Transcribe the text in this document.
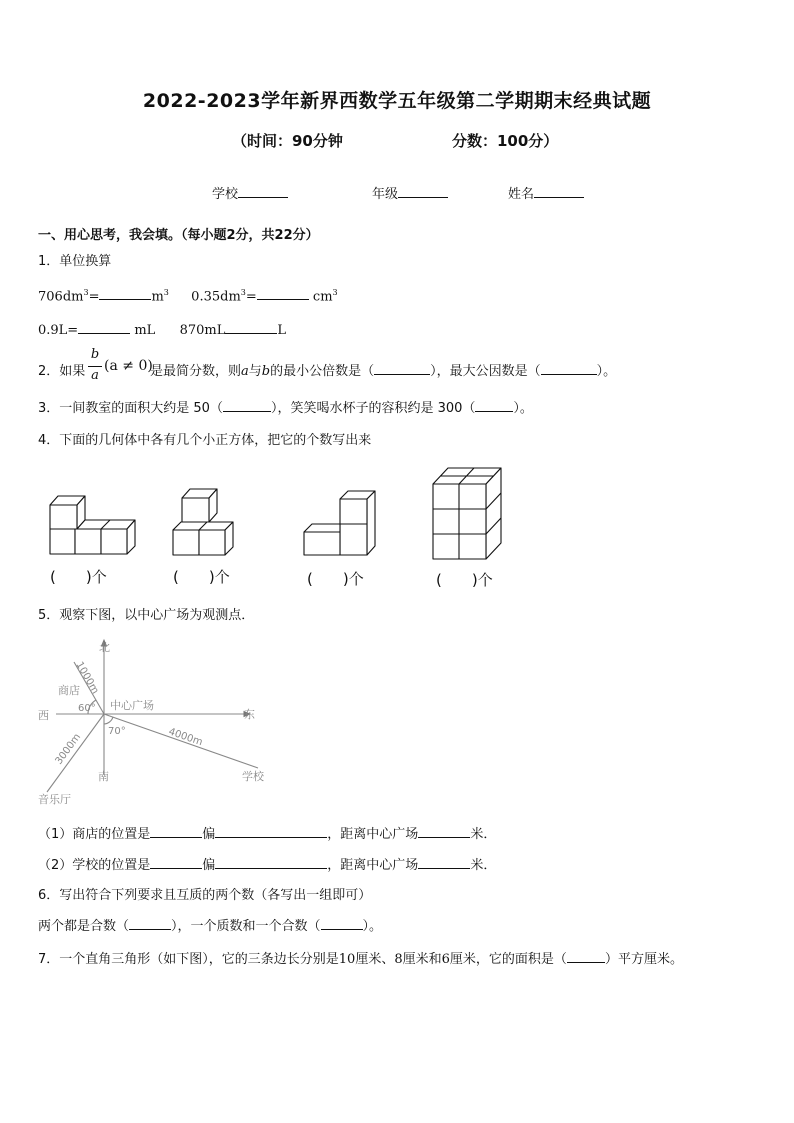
2022-2023学年新界西数学五年级第二学期期末经典试题
（时间：90分钟	分数：100分）
学校	年级	姓名
一、用心思考，我会填。（每小题2分，共22分）
1．单位换算
$706dm^3=$	$m^3$ $0.35dm^3=$	$cm^3$
0.9L=	mL 870mL	L
2．如果
b
a
(a ≠ 0)
是最简分数，则a与b的最小公倍数是（	），最大公因数是（	）。
3．一间教室的面积大约是 50（	），笑笑喝水杯子的容积约是 300（	）。
4．下面的几何体中各有几个小正方体，把它的个数写出来
(　　)个	(　　)个	(　　)个	(　　)个
5．观察下图，以中心广场为观测点．
北
南
东
西
中心广场
商店
学校
音乐厅
60°
70°
1000m
4000m
3000m
（1）商店的位置是	偏	，距离中心广场	米．
（2）学校的位置是	偏	，距离中心广场	米．
6．写出符合下列要求且互质的两个数（各写出一组即可）
两个都是合数（	），一个质数和一个合数（	）。
7．一个直角三角形（如下图），它的三条边长分别是10厘米、8厘米和6厘米，它的面积是（	）平方厘米。
